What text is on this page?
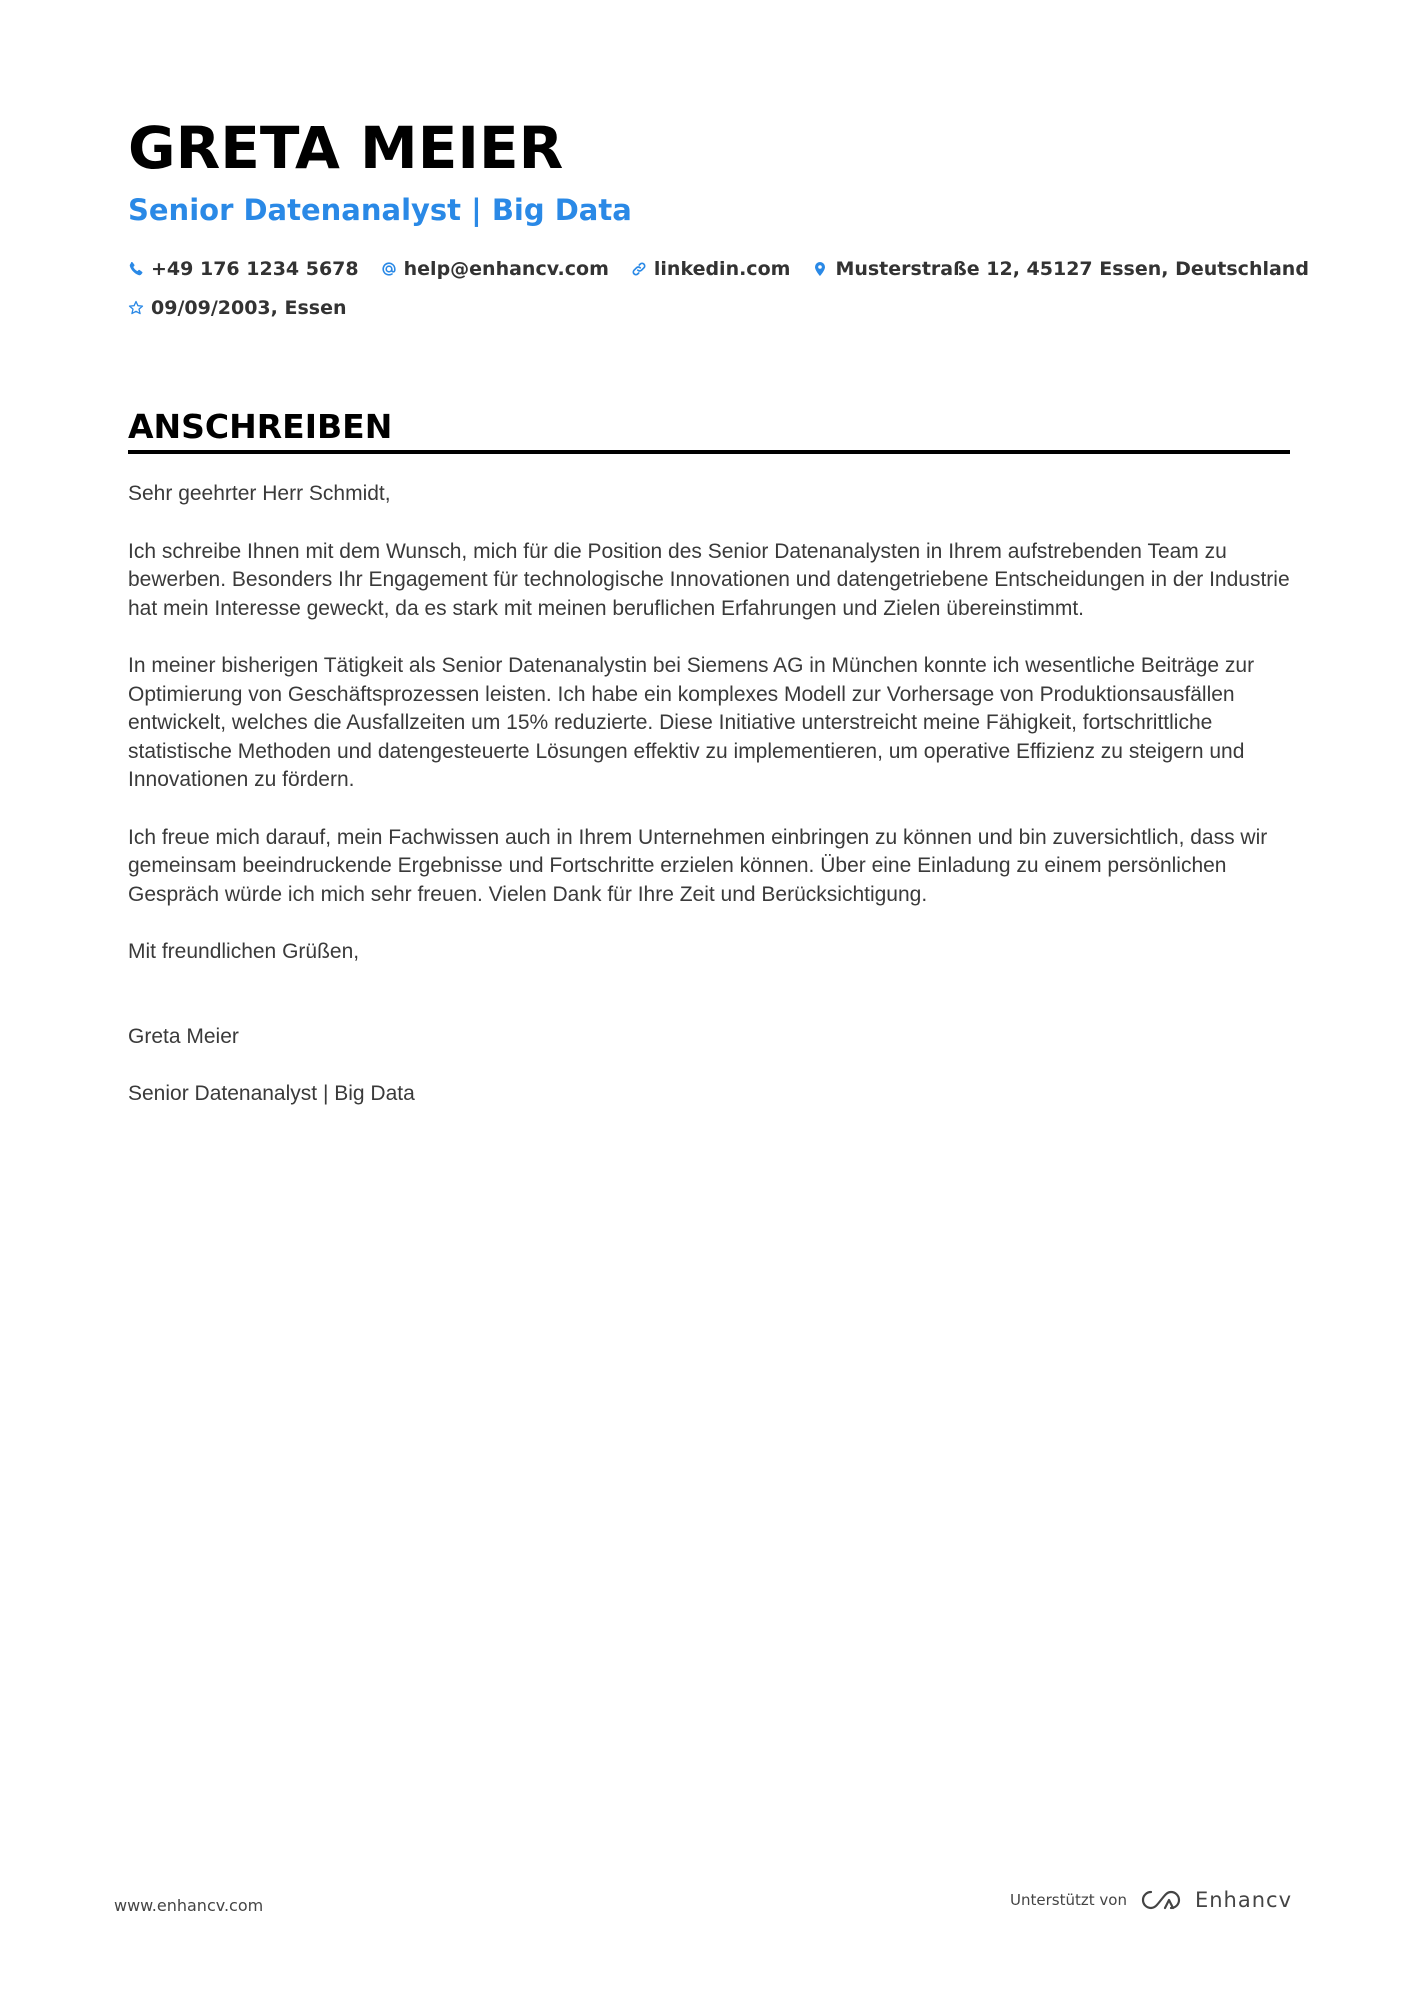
GRETA MEIER
Senior Datenanalyst | Big Data
+49 176 1234 5678 help@enhancv.com linkedin.com Musterstraße 12, 45127 Essen, Deutschland
09/09/2003, Essen
ANSCHREIBEN

Sehr geehrter Herr Schmidt,

Ich schreibe Ihnen mit dem Wunsch, mich für die Position des Senior Datenanalysten in Ihrem aufstrebenden Team zu bewerben. Besonders Ihr Engagement für technologische Innovationen und datengetriebene Entscheidungen in der Industrie hat mein Interesse geweckt, da es stark mit meinen beruflichen Erfahrungen und Zielen übereinstimmt.

In meiner bisherigen Tätigkeit als Senior Datenanalystin bei Siemens AG in München konnte ich wesentliche Beiträge zur Optimierung von Geschäftsprozessen leisten. Ich habe ein komplexes Modell zur Vorhersage von Produktionsausfällen entwickelt, welches die Ausfallzeiten um 15% reduzierte. Diese Initiative unterstreicht meine Fähigkeit, fortschrittliche statistische Methoden und datengesteuerte Lösungen effektiv zu implementieren, um operative Effizienz zu steigern und Innovationen zu fördern.

Ich freue mich darauf, mein Fachwissen auch in Ihrem Unternehmen einbringen zu können und bin zuversichtlich, dass wir gemeinsam beeindruckende Ergebnisse und Fortschritte erzielen können. Über eine Einladung zu einem persönlichen Gespräch würde ich mich sehr freuen. Vielen Dank für Ihre Zeit und Berücksichtigung.

Mit freundlichen Grüßen,

Greta Meier

Senior Datenanalyst | Big Data

www.enhancv.com	Unterstützt von	Enhancv
